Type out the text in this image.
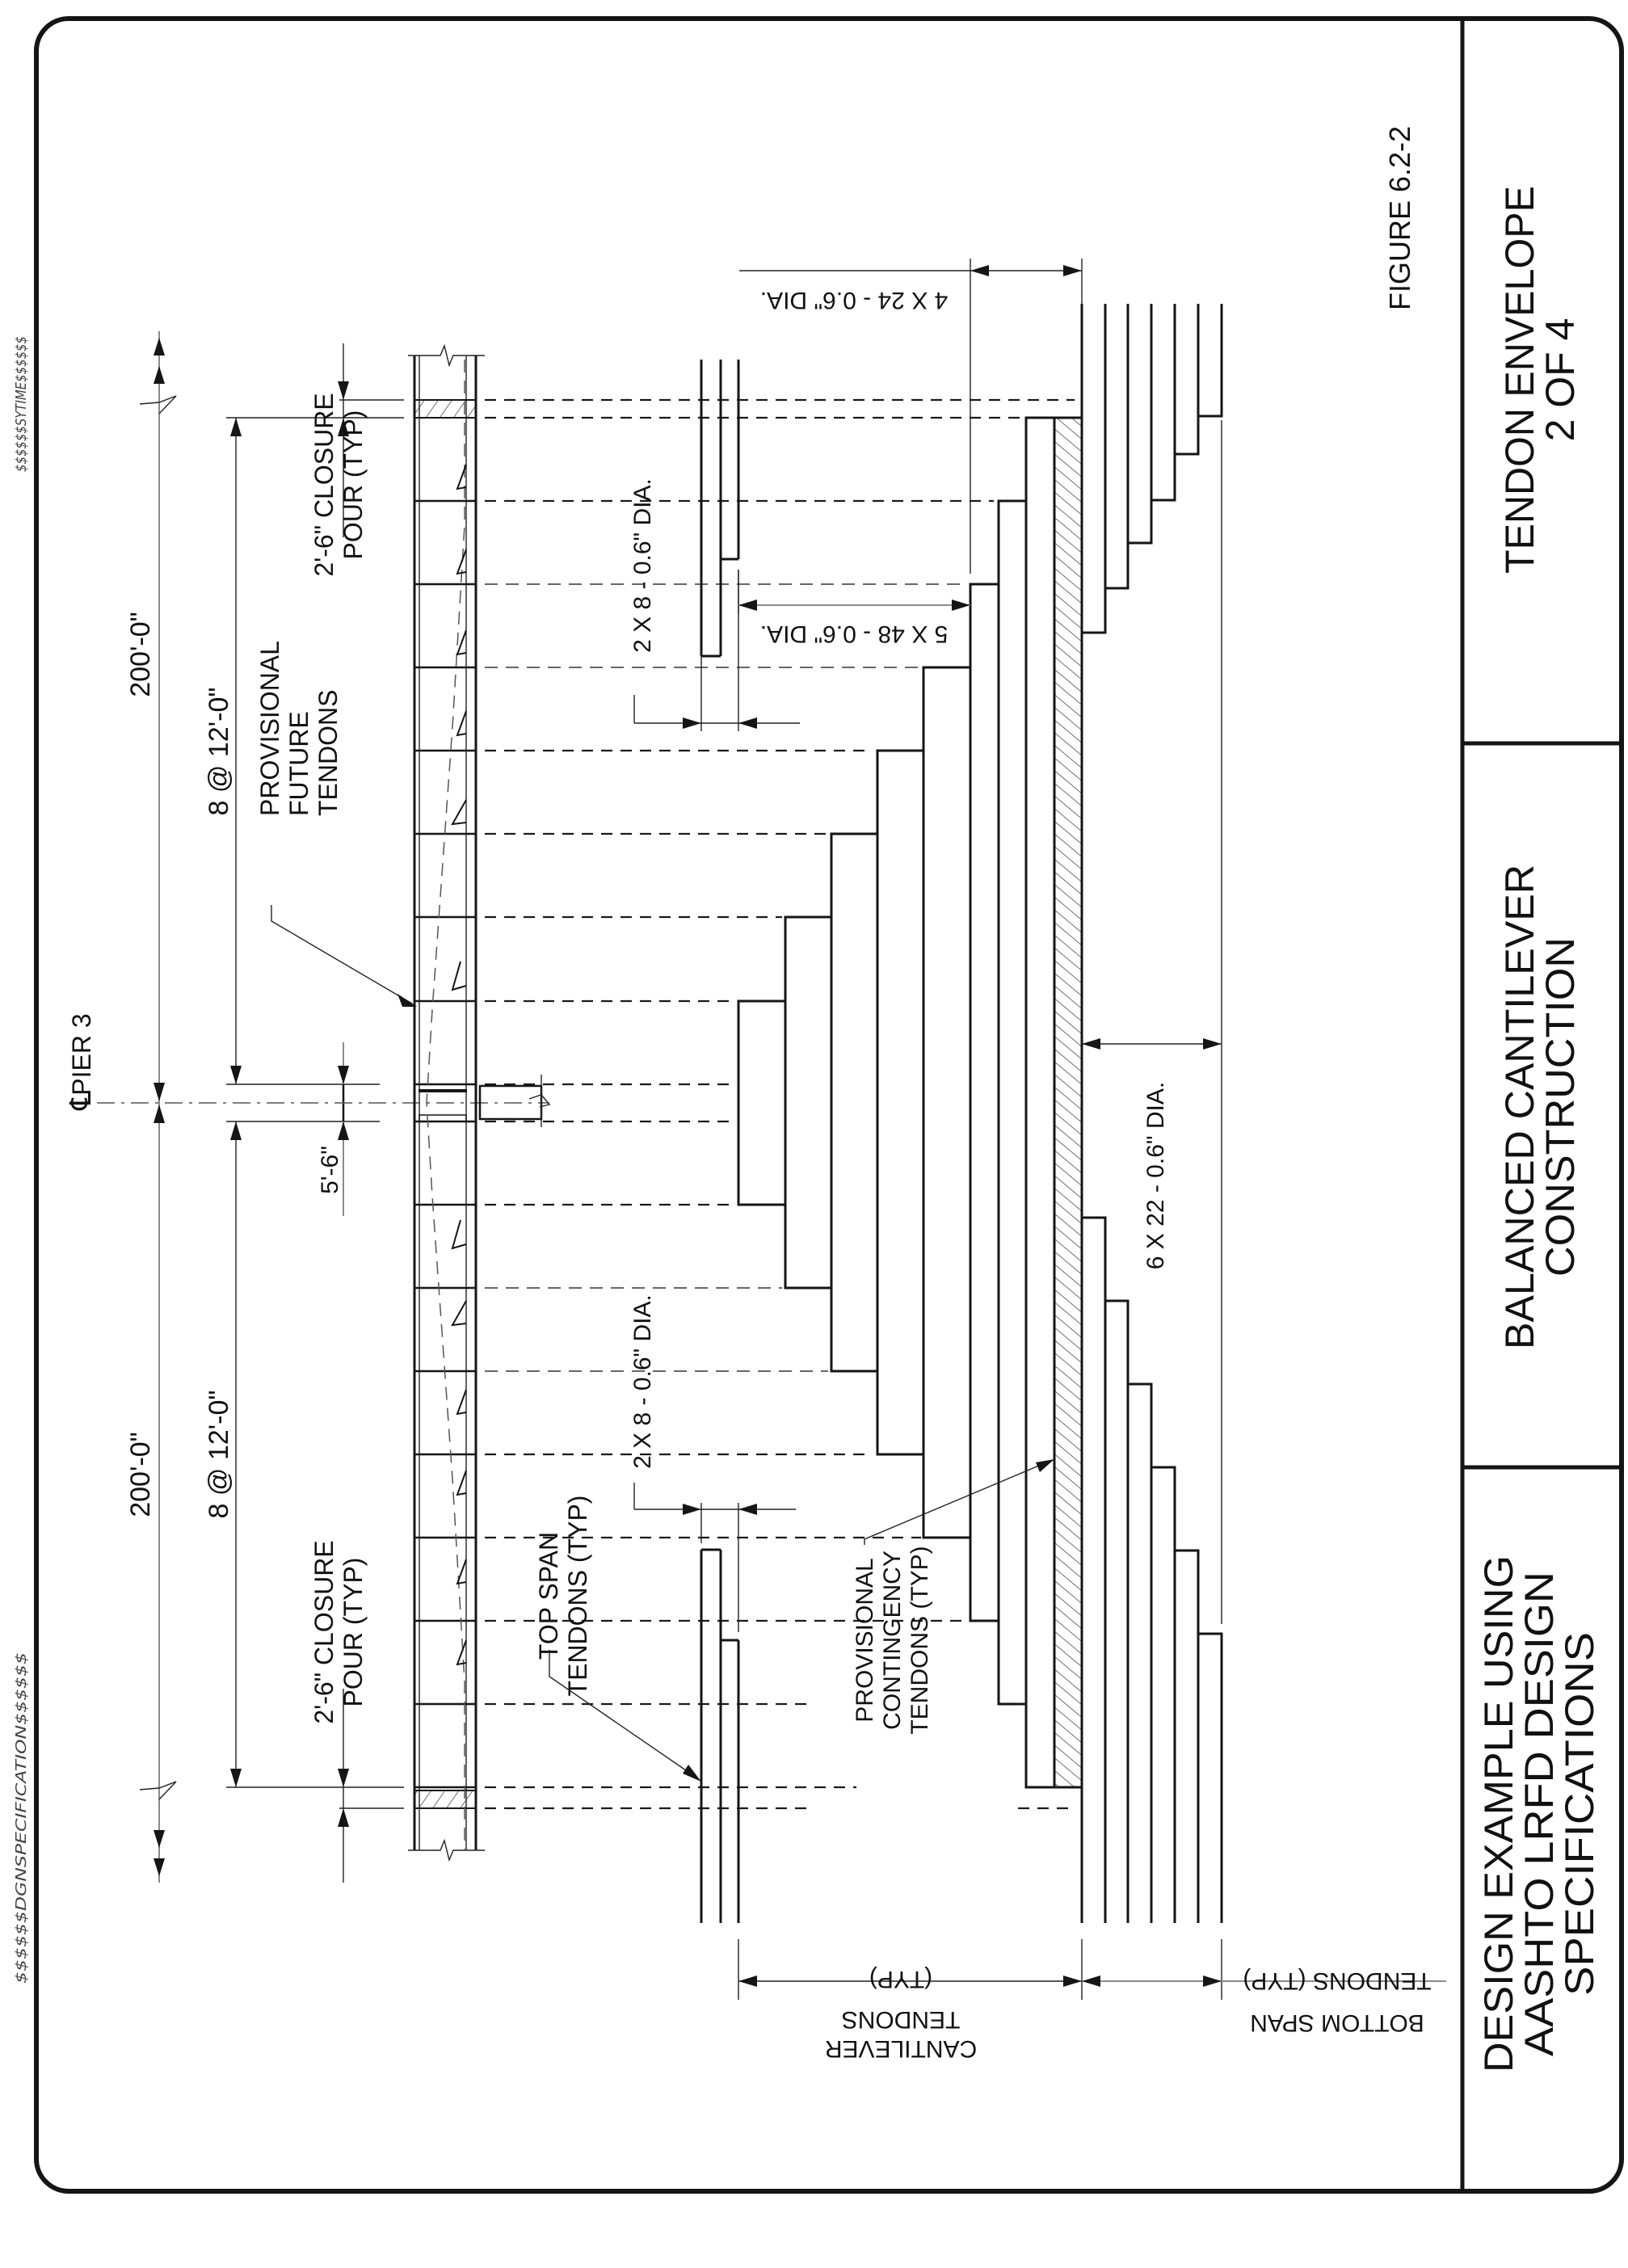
TENDON ENVELOPE
2 OF 4
BALANCED CANTILEVER
CONSTRUCTION
DESIGN EXAMPLE USING
AASHTO LRFD DESIGN
SPECIFICATIONS
$$$$$$SYTIME$$$$$$
$$$$$$DGNSPECIFICATION$$$$$$
FIGURE 6.2-2
200'-0"
200'-0"
8 @ 12'-0"
8 @ 12'-0"
5'-6"
PIER 3
℄
2'-6" CLOSURE POUR (TYP)
2'-6" CLOSURE POUR (TYP)
PROVISIONAL FUTURE TENDONS
2 X 8 - 0.6" DIA.
2 X 8 - 0.6" DIA.
TOP SPAN TENDONS (TYP)
5 X 48 - 0.6" DIA.
4 X 24 - 0.6" DIA.
PROVISIONAL CONTINGENCY TENDONS (TYP)
6 X 22 - 0.6" DIA.
(TYP)
TENDONS
CANTILEVER
TENDONS (TYP)
BOTTOM SPAN
